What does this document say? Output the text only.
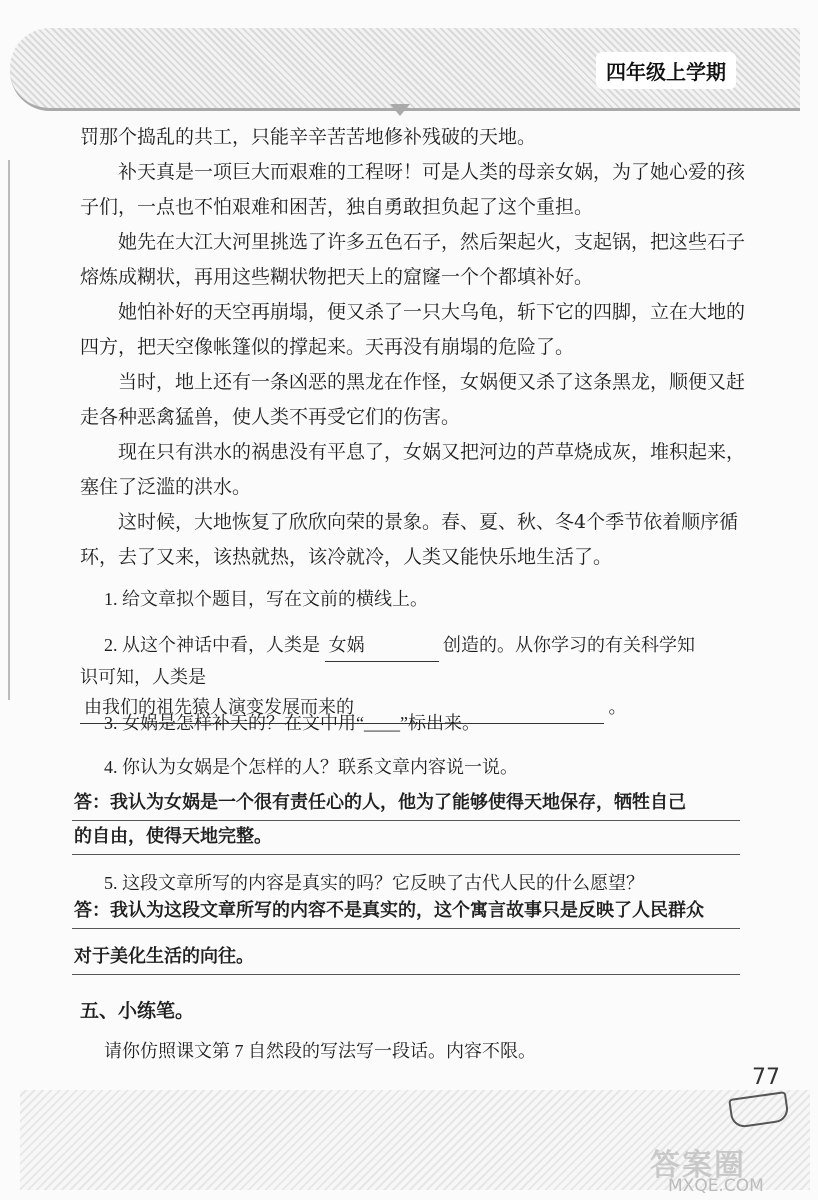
四年级上学期

罚那个捣乱的共工，只能辛辛苦苦地修补残破的天地。

补天真是一项巨大而艰难的工程呀！可是人类的母亲女娲，为了她心爱的孩子们，一点也不怕艰难和困苦，独自勇敢担负起了这个重担。

她先在大江大河里挑选了许多五色石子，然后架起火，支起锅，把这些石子熔炼成糊状，再用这些糊状物把天上的窟窿一个个都填补好。

她怕补好的天空再崩塌，便又杀了一只大乌龟，斩下它的四脚，立在大地的四方，把天空像帐篷似的撑起来。天再没有崩塌的危险了。

当时，地上还有一条凶恶的黑龙在作怪，女娲便又杀了这条黑龙，顺便又赶走各种恶禽猛兽，使人类不再受它们的伤害。

现在只有洪水的祸患没有平息了，女娲又把河边的芦草烧成灰，堆积起来，塞住了泛滥的洪水。

这时候，大地恢复了欣欣向荣的景象。春、夏、秋、冬4个季节依着顺序循环，去了又来，该热就热，该冷就冷，人类又能快乐地生活了。

1. 给文章拟个题目，写在文前的横线上。

2. 从这个神话中看，人类是 女娲	创造的。从你学习的有关科学知

识可知，人类是 由我们的祖先猿人演变发展而来的	。

3. 女娲是怎样补天的？在文中用“____”标出来。

4. 你认为女娲是个怎样的人？联系文章内容说一说。

答：我认为女娲是一个很有责任心的人，他为了能够使得天地保存，牺牲自己
的自由，使得天地完整。

5. 这段文章所写的内容是真实的吗？它反映了古代人民的什么愿望？

答：我认为这段文章所写的内容不是真实的，这个寓言故事只是反映了人民群众
对于美化生活的向往。
五、小练笔。

请你仿照课文第 7 自然段的写法写一段话。内容不限。

77
答案圈
MXQE.COM
